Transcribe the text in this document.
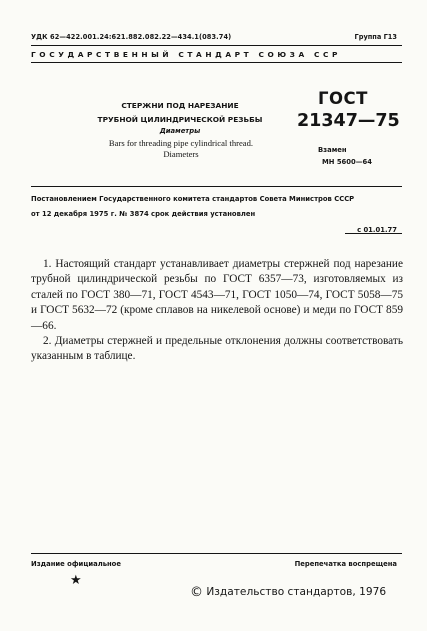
УДК 62—422.001.24:621.882.082.22—434.1(083.74)	Группа Г13
ГОСУДАРСТВЕННЫЙ СТАНДАРТ СОЮЗА ССР
СТЕРЖНИ ПОД НАРЕЗАНИЕ
ТРУБНОЙ ЦИЛИНДРИЧЕСКОЙ РЕЗЬБЫ
Диаметры
Bars for threading pipe cylindrical thread.
Diameters
ГОСТ
21347—75
Взамен
МН 5600—64
Постановлением Государственного комитета стандартов Совета Министров СССР
от 12 декабря 1975 г. № 3874 срок действия установлен
с 01.01.77

1. Настоящий стандарт устанавливает диаметры стержней под нарезание трубной цилиндрической резьбы по ГОСТ 6357—73, изготовляемых из сталей по ГОСТ 380—71, ГОСТ 4543—71, ГОСТ 1050—74, ГОСТ 5058—75 и ГОСТ 5632—72 (кроме сплавов на никелевой основе) и меди по ГОСТ 859—66.

2. Диаметры стержней и предельные отклонения должны соответствовать указанным в таблице.

Издание официальное	Перепечатка воспрещена
★
© Издательство стандартов, 1976
